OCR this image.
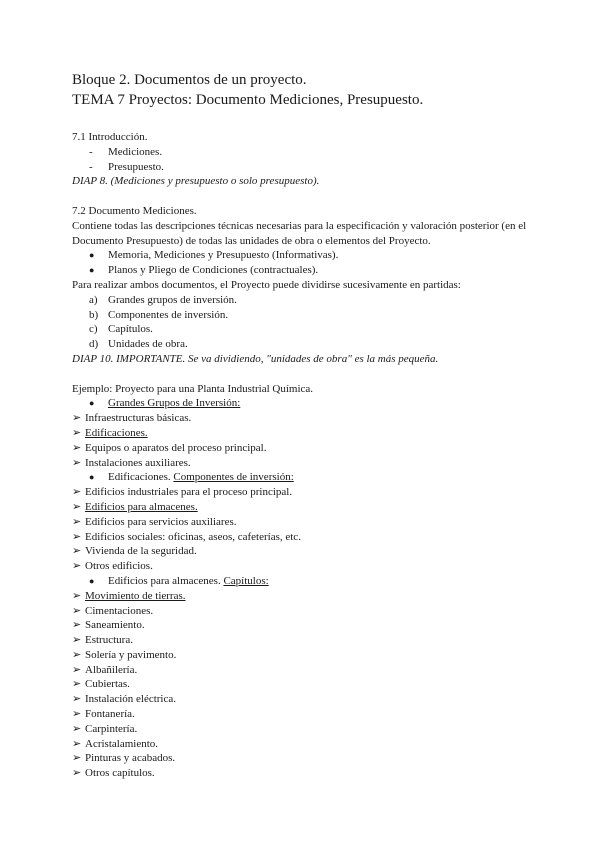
Bloque 2. Documentos de un proyecto.
TEMA 7 Proyectos: Documento Mediciones, Presupuesto.

7.1 Introducción.

- Mediciones.

- Presupuesto.

DIAP 8. (Mediciones y presupuesto o solo presupuesto).

7.2 Documento Mediciones.

Contiene todas las descripciones técnicas necesarias para la especificación y valoración posterior (en el Documento Presupuesto) de todas las unidades de obra o elementos del Proyecto.

● Memoria, Mediciones y Presupuesto (Informativas).

● Planos y Pliego de Condiciones (contractuales).

Para realizar ambos documentos, el Proyecto puede dividirse sucesivamente en partidas:

a) Grandes grupos de inversión.

b) Componentes de inversión.

c) Capítulos.

d) Unidades de obra.

DIAP 10. IMPORTANTE. Se va dividiendo, "unidades de obra" es la más pequeña.

Ejemplo: Proyecto para una Planta Industrial Química.

● Grandes Grupos de Inversión:

➢ Infraestructuras básicas.

➢ Edificaciones.

➢ Equipos o aparatos del proceso principal.

➢ Instalaciones auxiliares.

● Edificaciones. Componentes de inversión:

➢ Edificios industriales para el proceso principal.

➢ Edificios para almacenes.

➢ Edificios para servicios auxiliares.

➢ Edificios sociales: oficinas, aseos, cafeterías, etc.

➢ Vivienda de la seguridad.

➢ Otros edificios.

● Edificios para almacenes. Capítulos:

➢ Movimiento de tierras.

➢ Cimentaciones.

➢ Saneamiento.

➢ Estructura.

➢ Solería y pavimento.

➢ Albañilería.

➢ Cubiertas.

➢ Instalación eléctrica.

➢ Fontanería.

➢ Carpintería.

➢ Acristalamiento.

➢ Pinturas y acabados.

➢ Otros capítulos.
